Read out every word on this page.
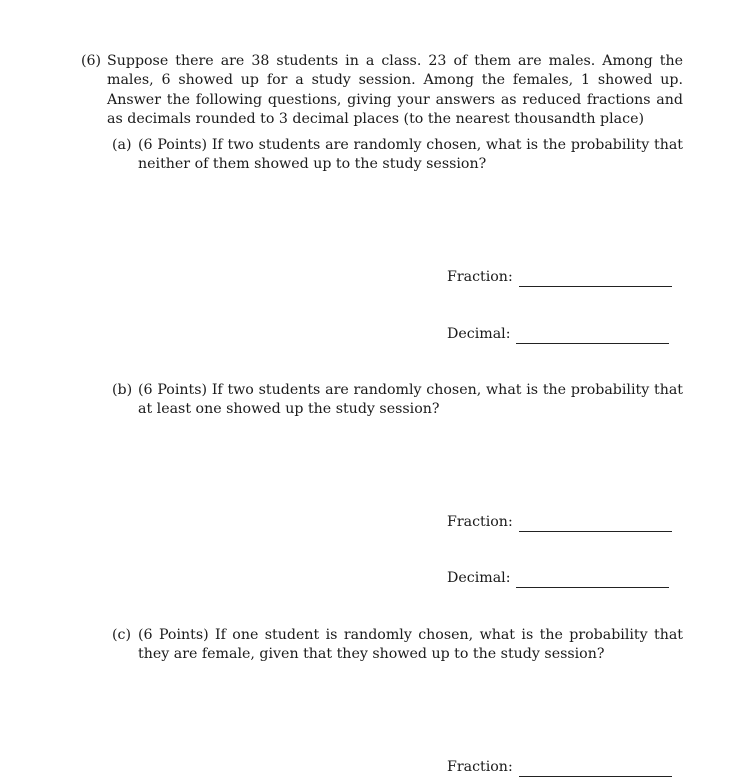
(6) Suppose there are 38 students in a class. 23 of them are males. Among the males, 6 showed up for a study session. Among the females, 1 showed up. Answer the following questions, giving your answers as reduced fractions and as decimals rounded to 3 decimal places (to the nearest thousandth place)
(a) (6 Points) If two students are randomly chosen, what is the probability that neither of them showed up to the study session?
Fraction:
Decimal:
(b) (6 Points) If two students are randomly chosen, what is the probability that at least one showed up the study session?
Fraction:
Decimal:
(c) (6 Points) If one student is randomly chosen, what is the probability that they are female, given that they showed up to the study session?
Fraction:
